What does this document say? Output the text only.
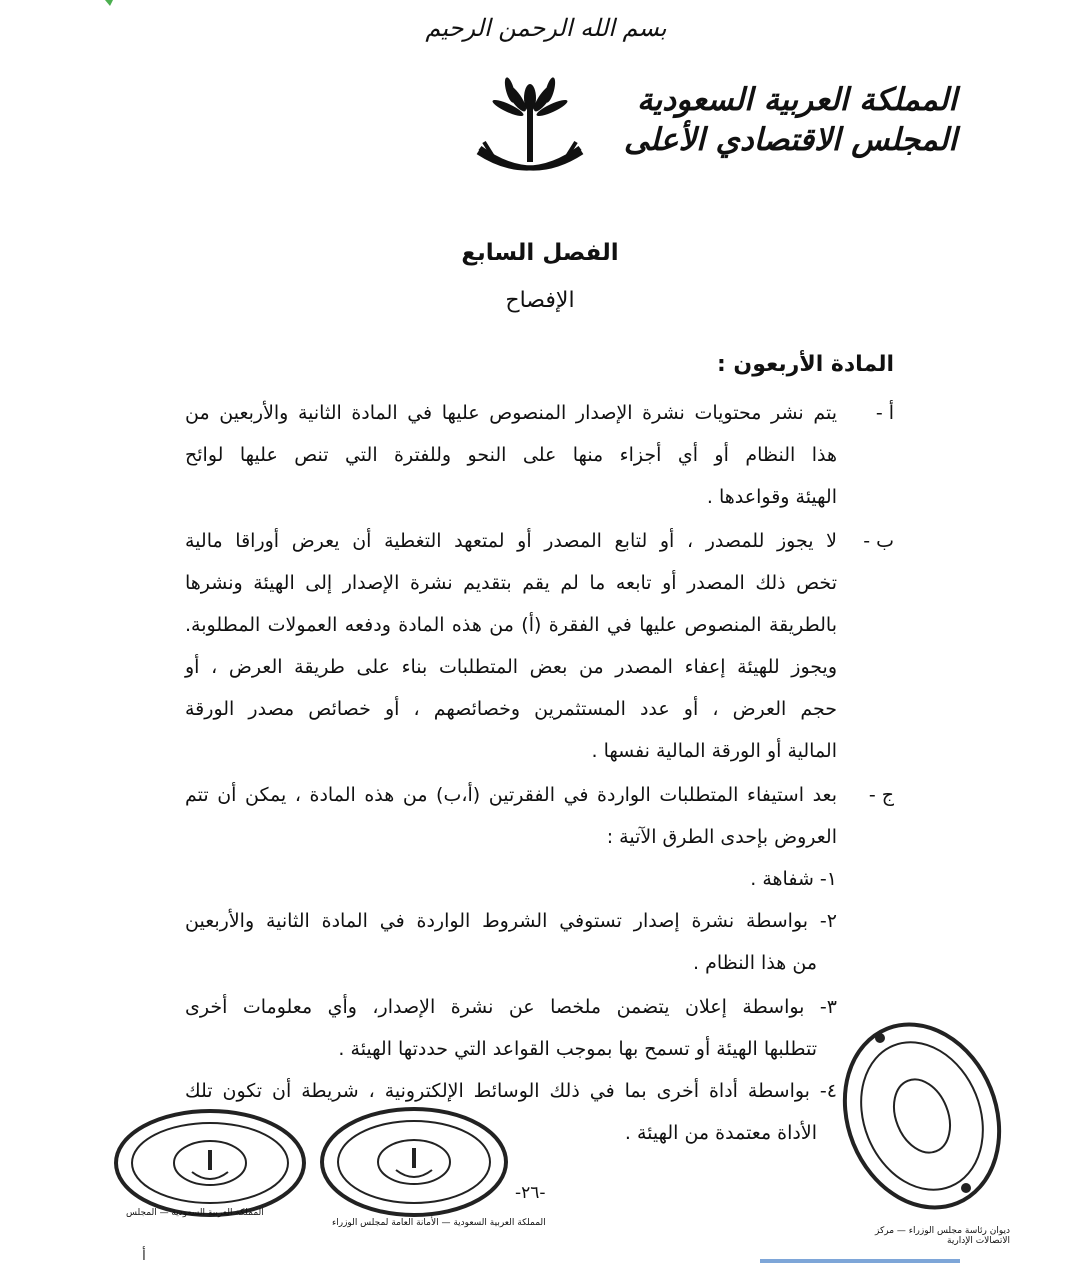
بسم الله الرحمن الرحيم
المملكة العربية السعودية
المجلس الاقتصادي الأعلى
الفصل السابع
الإفصاح
المادة الأربعون :
أ -
يتم نشر محتويات نشرة الإصدار المنصوص عليها في المادة الثانية والأربعين من
هذا النظام أو أي أجزاء منها على النحو وللفترة التي تنص عليها لوائح
الهيئة وقواعدها .
ب -
لا يجوز للمصدر ، أو لتابع المصدر أو لمتعهد التغطية أن يعرض أوراقا مالية
تخص ذلك المصدر أو تابعه ما لم يقم بتقديم نشرة الإصدار إلى الهيئة ونشرها
بالطريقة المنصوص عليها في الفقرة (أ) من هذه المادة ودفعه العمولات المطلوبة.
ويجوز للهيئة إعفاء المصدر من بعض المتطلبات بناء على طريقة العرض ، أو
حجم العرض ، أو عدد المستثمرين وخصائصهم ، أو خصائص مصدر الورقة
المالية أو الورقة المالية نفسها .
ج -
بعد استيفاء المتطلبات الواردة في الفقرتين (أ،ب) من هذه المادة ، يمكن أن تتم
العروض بإحدى الطرق الآتية :
١- شفاهة .
٢- بواسطة نشرة إصدار تستوفي الشروط الواردة في المادة الثانية والأربعين
من هذا النظام .
٣- بواسطة إعلان يتضمن ملخصا عن نشرة الإصدار، وأي معلومات أخرى
تتطلبها الهيئة أو تسمح بها بموجب القواعد التي حددتها الهيئة .
٤- بواسطة أداة أخرى بما في ذلك الوسائط الإلكترونية ، شريطة أن تكون تلك
الأداة معتمدة من الهيئة .
المملكة العربية السعودية — المجلس
المملكة العربية السعودية — الأمانة العامة لمجلس الوزراء
ديوان رئاسة مجلس الوزراء — مركز الاتصالات الإدارية
-٢٦-
أ
